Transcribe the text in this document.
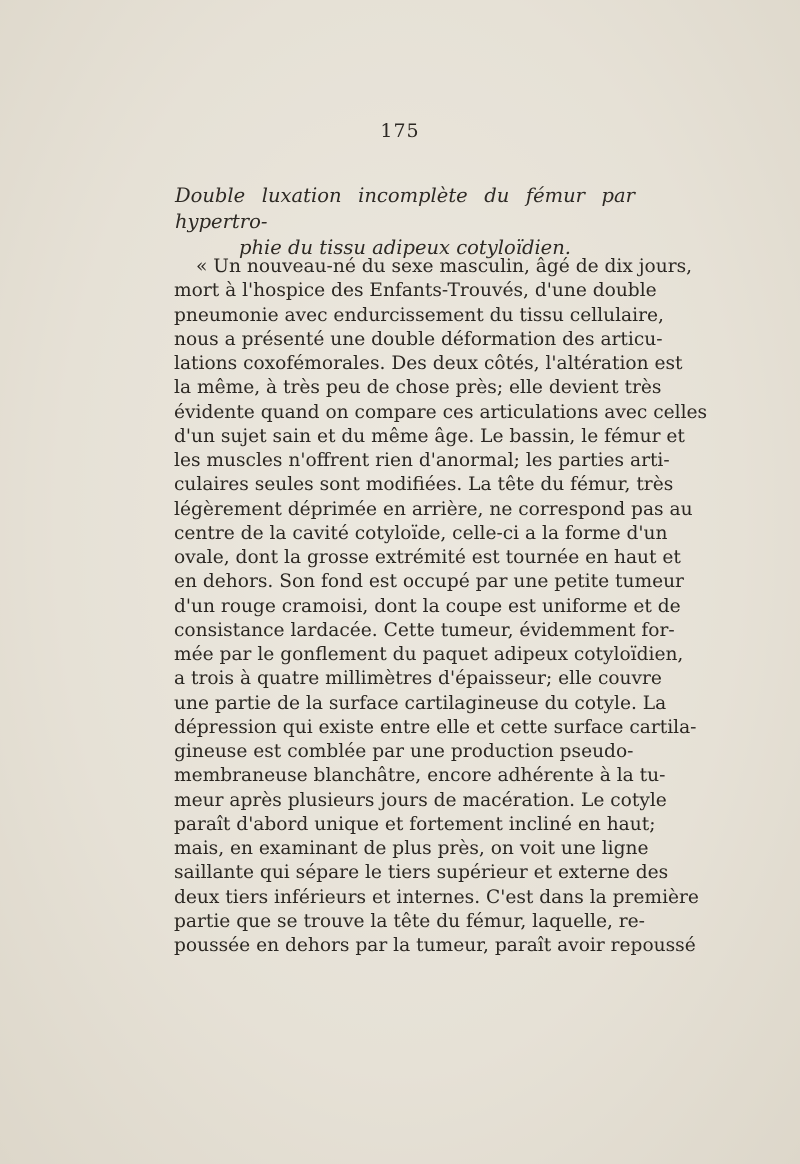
175
Double luxation incomplète du fémur par hypertro-
phie du tissu adipeux cotyloïdien.
« Un nouveau-né du sexe masculin, âgé de dix jours,
mort à l'hospice des Enfants-Trouvés, d'une double
pneumonie avec endurcissement du tissu cellulaire,
nous a présenté une double déformation des articu-
lations coxofémorales. Des deux côtés, l'altération est
la même, à très peu de chose près; elle devient très
évidente quand on compare ces articulations avec celles
d'un sujet sain et du même âge. Le bassin, le fémur et
les muscles n'offrent rien d'anormal; les parties arti-
culaires seules sont modifiées. La tête du fémur, très
légèrement déprimée en arrière, ne correspond pas au
centre de la cavité cotyloïde, celle-ci a la forme d'un
ovale, dont la grosse extrémité est tournée en haut et
en dehors. Son fond est occupé par une petite tumeur
d'un rouge cramoisi, dont la coupe est uniforme et de
consistance lardacée. Cette tumeur, évidemment for-
mée par le gonflement du paquet adipeux cotyloïdien,
a trois à quatre millimètres d'épaisseur; elle couvre
une partie de la surface cartilagineuse du cotyle. La
dépression qui existe entre elle et cette surface cartila-
gineuse est comblée par une production pseudo-
membraneuse blanchâtre, encore adhérente à la tu-
meur après plusieurs jours de macération. Le cotyle
paraît d'abord unique et fortement incliné en haut;
mais, en examinant de plus près, on voit une ligne
saillante qui sépare le tiers supérieur et externe des
deux tiers inférieurs et internes. C'est dans la première
partie que se trouve la tête du fémur, laquelle, re-
poussée en dehors par la tumeur, paraît avoir repoussé
